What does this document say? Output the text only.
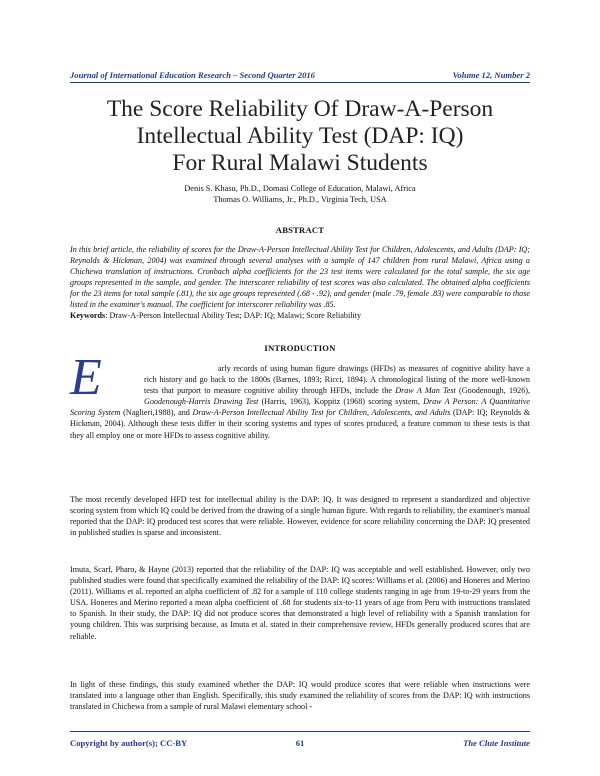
Journal of International Education Research – Second Quarter 2016	Volume 12, Number 2
The Score Reliability Of Draw-A-Person
Intellectual Ability Test (DAP: IQ)
For Rural Malawi Students
Denis S. Khasu, Ph.D., Domasi College of Education, Malawi, Africa
Thomas O. Williams, Jr., Ph.D., Virginia Tech, USA
ABSTRACT
In this brief article, the reliability of scores for the Draw-A-Person Intellectual Ability Test for Children, Adolescents, and Adults (DAP: IQ; Reynolds & Hickman, 2004) was examined through several analyses with a sample of 147 children from rural Malawi, Africa using a Chichewa translation of instructions. Cronbach alpha coefficients for the 23 test items were calculated for the total sample, the six age groups represented in the sample, and gender. The interscorer reliability of test scores was also calculated. The obtained alpha coefficients for the 23 items for total sample (.81), the six age groups represented (.68 - .92), and gender (male .79, female .83) were comparable to those listed in the examiner's manual. The coefficient for interscorer reliability was .85.
Keywords: Draw-A-Person Intellectual Ability Test; DAP: IQ; Malawi; Score Reliability
INTRODUCTION
E	arly records of using human figure drawings (HFDs) as measures of cognitive ability have a rich history and go back to the 1800s (Barnes, 1893; Ricci, 1894). A chronological listing of the more well-known tests that purport to measure cognitive ability through HFDs, include the Draw A Man Test (Goodenough, 1926), Goodenough-Harris Drawing Test (Harris, 1963), Koppitz (1968) scoring system, Draw A Person: A Quantitative Scoring System (Naglieri,1988), and Draw-A-Person Intellectual Ability Test for Children, Adolescents, and Adults (DAP: IQ; Reynolds & Hickman, 2004). Although these tests differ in their scoring systems and types of scores produced, a feature common to these tests is that they all employ one or more HFDs to assess cognitive ability.
The most recently developed HFD test for intellectual ability is the DAP: IQ. It was designed to represent a standardized and objective scoring system from which IQ could be derived from the drawing of a single human figure. With regards to reliability, the examiner's manual reported that the DAP: IQ produced test scores that were reliable. However, evidence for score reliability concerning the DAP: IQ presented in published studies is sparse and inconsistent.
Imuta, Scarf, Pharo, & Hayne (2013) reported that the reliability of the DAP: IQ was acceptable and well established. However, only two published studies were found that specifically examined the reliability of the DAP: IQ scores: Williams et al. (2006) and Honeres and Merino (2011). Williams et al. reported an alpha coefficient of .82 for a sample of 110 college students ranging in age from 19-to-29 years from the USA. Honeres and Merino reported a mean alpha coefficient of .68 for students six-to-11 years of age from Peru with instructions translated to Spanish. In their study, the DAP: IQ did not produce scores that demonstrated a high level of reliability with a Spanish translation for young children. This was surprising because, as Imuta et al. stated in their comprehensive review, HFDs generally produced scores that are reliable.
In light of these findings, this study examined whether the DAP: IQ would produce scores that were reliable when instructions were translated into a language other than English. Specifically, this study examined the reliability of scores from the DAP: IQ with instructions translated in Chichewa from a sample of rural Malawi elementary school -
Copyright by author(s); CC-BY	61	The Clute Institute
